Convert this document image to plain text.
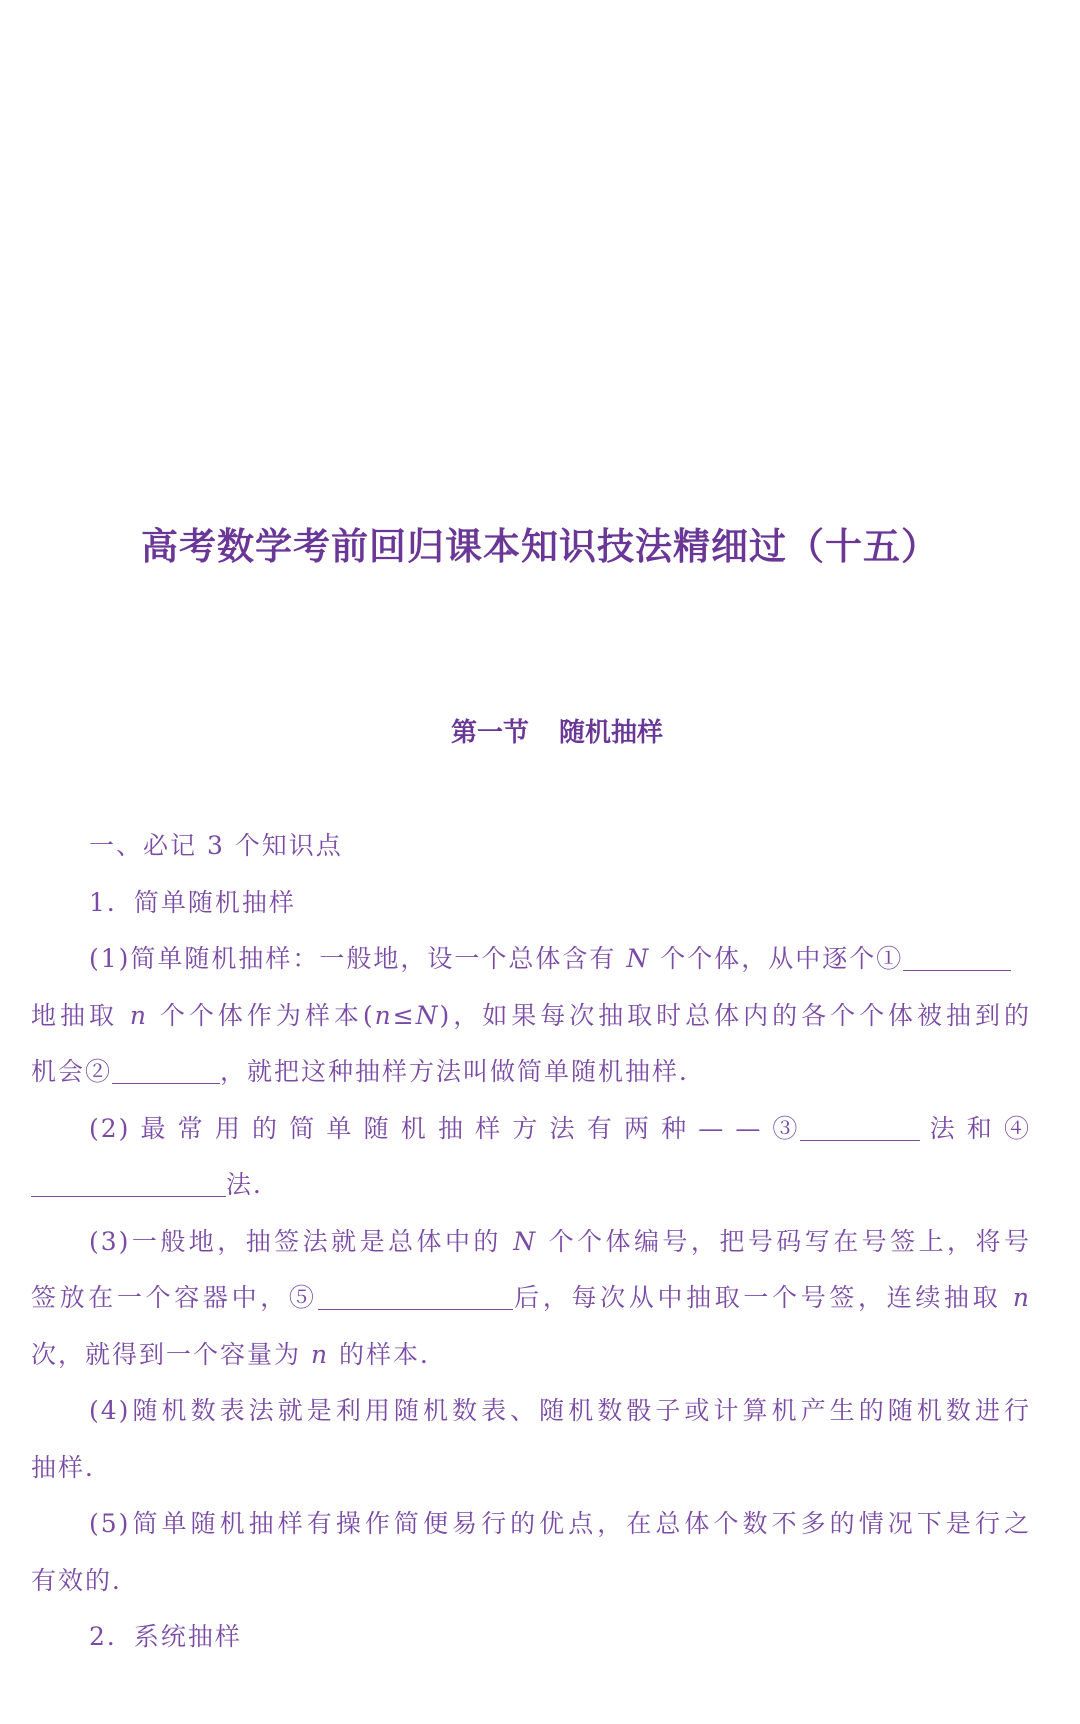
高考数学考前回归课本知识技法精细过（十五）
第一节 随机抽样

一、必记 3 个知识点

1．简单随机抽样

(1)简单随机抽样：一般地，设一个总体含有 N 个个体，从中逐个①

地抽取 n 个个体作为样本(n≤N)，如果每次抽取时总体内的各个个体被抽到的

机会②	，就把这种抽样方法叫做简单随机抽样．

(2) 最 常 用 的 简 单 随 机 抽 样 方 法 有 两 种 — — ③	法 和 ④

法．

(3)一般地，抽签法就是总体中的 N 个个体编号，把号码写在号签上，将号

签放在一个容器中，⑤	后，每次从中抽取一个号签，连续抽取 n

次，就得到一个容量为 n 的样本．

(4)随机数表法就是利用随机数表、随机数骰子或计算机产生的随机数进行

抽样．

(5)简单随机抽样有操作简便易行的优点，在总体个数不多的情况下是行之

有效的．

2．系统抽样
